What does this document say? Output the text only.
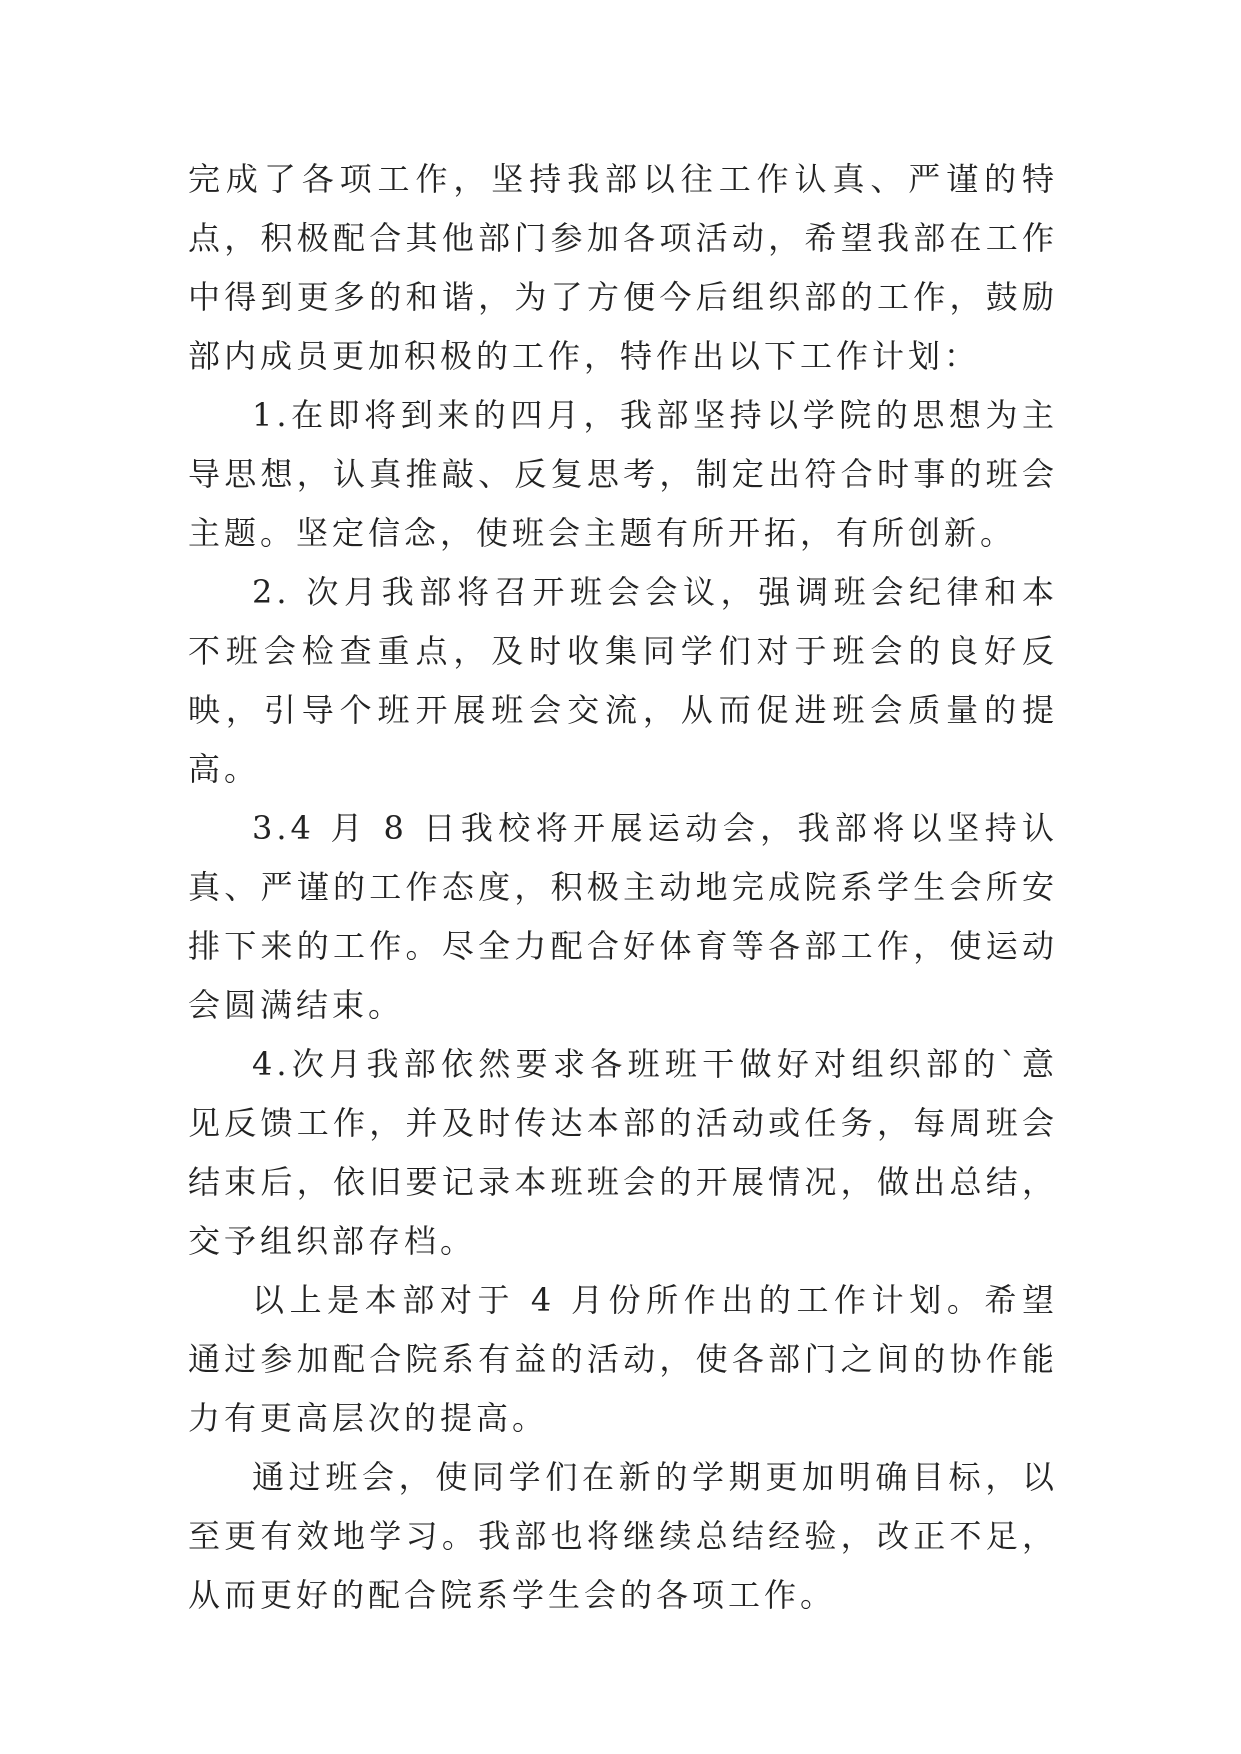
完成了各项工作，坚持我部以往工作认真、严谨的特点，积极配合其他部门参加各项活动，希望我部在工作中得到更多的和谐，为了方便今后组织部的工作，鼓励部内成员更加积极的工作，特作出以下工作计划：

1.在即将到来的四月，我部坚持以学院的思想为主导思想，认真推敲、反复思考，制定出符合时事的班会主题。坚定信念，使班会主题有所开拓，有所创新。

2. 次月我部将召开班会会议，强调班会纪律和本不班会检查重点，及时收集同学们对于班会的良好反映，引导个班开展班会交流，从而促进班会质量的提高。

3.4 月 8 日我校将开展运动会，我部将以坚持认真、严谨的工作态度，积极主动地完成院系学生会所安排下来的工作。尽全力配合好体育等各部工作，使运动会圆满结束。

4.次月我部依然要求各班班干做好对组织部的`意见反馈工作，并及时传达本部的活动或任务，每周班会结束后，依旧要记录本班班会的开展情况，做出总结，交予组织部存档。

以上是本部对于 4 月份所作出的工作计划。希望通过参加配合院系有益的活动，使各部门之间的协作能力有更高层次的提高。

通过班会，使同学们在新的学期更加明确目标，以至更有效地学习。我部也将继续总结经验，改正不足，从而更好的配合院系学生会的各项工作。
